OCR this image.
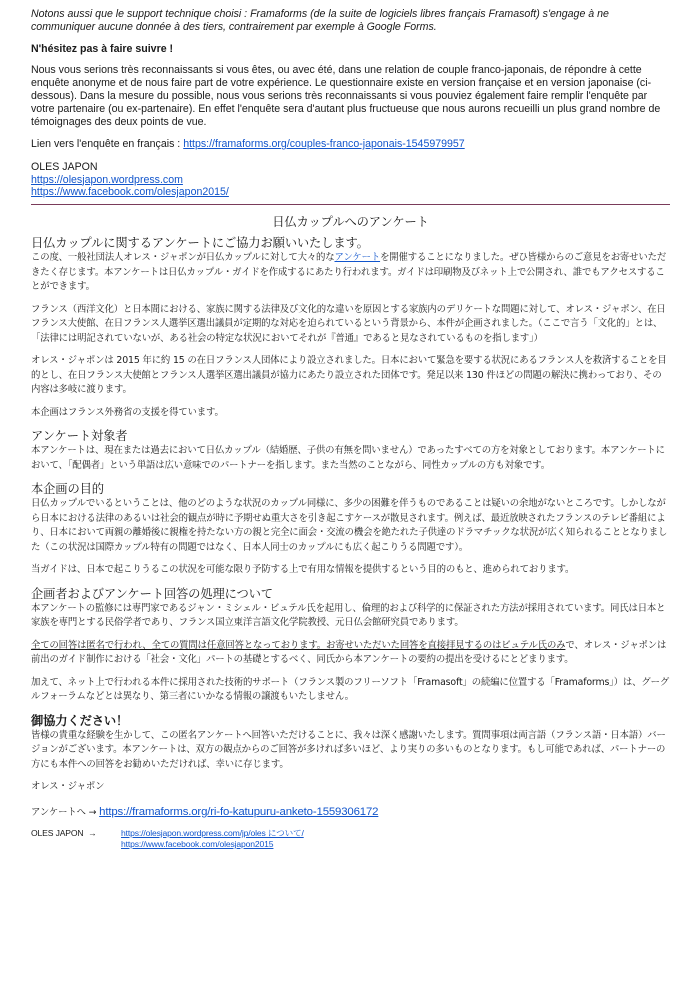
Notons aussi que le support technique choisi : Framaforms (de la suite de logiciels libres français Framasoft) s'engage à ne communiquer aucune donnée à des tiers, contrairement par exemple à Google Forms.

N'hésitez pas à faire suivre !

Nous vous serions très reconnaissants si vous êtes, ou avec été, dans une relation de couple franco-japonais, de répondre à cette enquête anonyme et de nous faire part de votre expérience. Le questionnaire existe en version française et en version japonaise (ci-dessous). Dans la mesure du possible, nous vous serions très reconnaissants si vous pouviez également faire remplir l'enquête par votre partenaire (ou ex-partenaire). En effet l'enquête sera d'autant plus fructueuse que nous aurons recueilli un plus grand nombre de témoignages des deux points de vue.

Lien vers l'enquête en français : https://framaforms.org/couples-franco-japonais-1545979957

OLES JAPON
https://olesjapon.wordpress.com
https://www.facebook.com/olesjapon2015/
日仏カップルへのアンケート
日仏カップルに関するアンケートにご協力お願いいたします。

この度、一般社団法人オレス・ジャポンが日仏カップルに対して大々的なアンケートを開催することになりました。ぜひ皆様からのご意見をお寄せいただきたく存じます。本アンケートは日仏カップル・ガイドを作成するにあたり行われます。ガイドは印刷物及びネット上で公開され、誰でもアクセスすることができます。

フランス（西洋文化）と日本間における、家族に関する法律及び文化的な違いを原因とする家族内のデリケートな問題に対して、オレス・ジャポン、在日フランス大使館、在日フランス人選挙区選出議員が定期的な対応を迫られているという背景から、本件が企画されました。（ここで言う「文化的」とは、「法律には明記されていないが、ある社会の特定な状況においてそれが『普通』であると見なされているものを指します」）

オレス・ジャポンは 2015 年に約 15 の在日フランス人団体により設立されました。日本において緊急を要する状況にあるフランス人を救済することを目的とし、在日フランス大使館とフランス人選挙区選出議員が協力にあたり設立された団体です。発足以来 130 件ほどの問題の解決に携わっており、その内容は多岐に渡ります。

本企画はフランス外務省の支援を得ています。

アンケート対象者

本アンケートは、現在または過去において日仏カップル（結婚歴、子供の有無を問いません）であったすべての方を対象としております。本アンケートにおいて、「配偶者」という単語は広い意味でのパートナーを指します。また当然のことながら、同性カップルの方も対象です。

本企画の目的

日仏カップルでいるということは、他のどのような状況のカップル同様に、多少の困難を伴うものであることは疑いの余地がないところです。しかしながら日本における法律のあるいは社会的観点が時に予期せぬ重大さを引き起こすケースが散見されます。例えば、最近放映されたフランスのテレビ番組により、日本において両親の離婚後に親権を持たない方の親と完全に面会・交流の機会を絶たれた子供達のドラマチックな状況が広く知られることとなりました（この状況は国際カップル特有の問題ではなく、日本人同士のカップルにも広く起こりうる問題です）。

当ガイドは、日本で起こりうるこの状況を可能な限り予防する上で有用な情報を提供するという目的のもと、進められております。

企画者およびアンケート回答の処理について

本アンケートの監修には専門家であるジャン・ミシェル・ビュテル氏を起用し、倫理的および科学的に保証された方法が採用されています。同氏は日本と家族を専門とする民俗学者であり、フランス国立東洋言語文化学院教授、元日仏会館研究員であります。

全ての回答は匿名で行われ、全ての質問は任意回答となっております。お寄せいただいた回答を直接拝見するのはビュテル氏のみで、オレス・ジャポンは前出のガイド制作における「社会・文化」パートの基礎とするべく、同氏から本アンケートの要約の提出を受けるにとどまります。

加えて、ネット上で行われる本件に採用された技術的サポート（フランス製のフリーソフト「Framasoft」の続編に位置する「Framaforms」）は、グーグルフォーラムなどとは異なり、第三者にいかなる情報の譲渡もいたしません。

御協力ください！

皆様の貴重な経験を生かして、この匿名アンケートへ回答いただけることに、我々は深く感謝いたします。質問事項は両言語（フランス語・日本語）バージョンがございます。本アンケートは、双方の観点からのご回答が多ければ多いほど、より実りの多いものとなります。もし可能であれば、パートナーの方にも本件への回答をお勧めいただければ、幸いに存じます。

オレス・ジャポン

アンケートへ → https://framaforms.org/ri-fo-katupuru-anketo-1559306172

OLES JAPON →	https://olesjapon.wordpress.com/jp/oles について/
https://www.facebook.com/olesjapon2015
